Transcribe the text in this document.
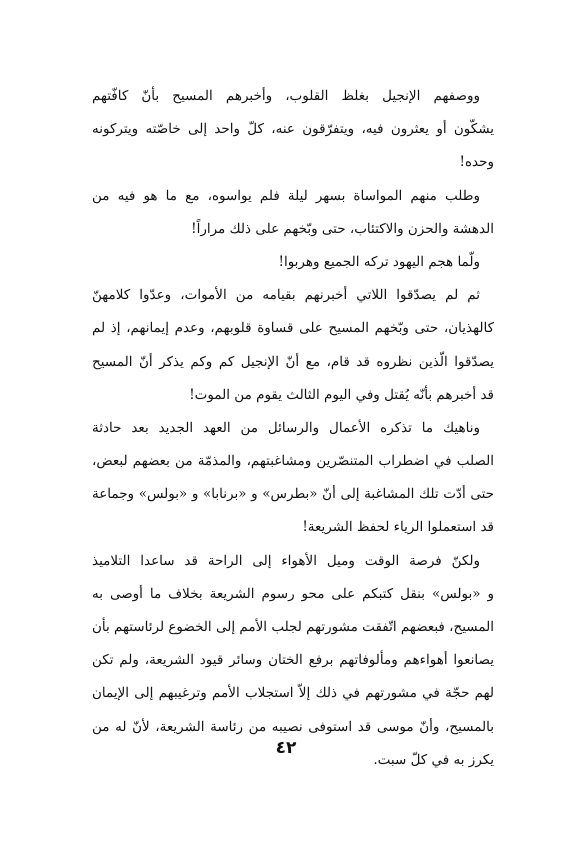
ووصفهم الإنجيل بغلظ القلوب، وأخبرهم المسيح بأنّ كافّتهم
يشكّون أو يعثرون فيه، ويتفرّقون عنه، كلّ واحد إلى خاصّته ويتركونه
وحده!
وطلب منهم المواساة بسهر ليلة فلم يواسوه، مع ما هو فيه من
الدهشة والحزن والاكتئاب، حتى وبّخهم على ذلك مراراً!
ولّما هجم اليهود تركه الجميع وهربوا!
ثم لم يصدّقوا اللاتي أخبرنهم بقيامه من الأموات، وعدّوا كلامهنّ
كالهذيان، حتى وبّخهم المسيح على قساوة قلوبهم، وعدم إيمانهم، إذ لم
يصدّقوا الّذين نظروه قد قام، مع أنّ الإنجيل كم وكم يذكر أنّ المسيح
قد أخبرهم بأنّه يُقتل وفي اليوم الثالث يقوم من الموت!
وناهيك ما تذكره الأعمال والرسائل من العهد الجديد بعد حادثة
الصلب في اضطراب المتنصّرين ومشاغبتهم، والمذمّة من بعضهم لبعض،
حتى أدّت تلك المشاغبة إلى أنّ «بطرس» و «برنابا» و «بولس» وجماعة
قد استعملوا الرياء لحفظ الشريعة!
ولكنّ فرصة الوقت وميل الأهواء إلى الراحة قد ساعدا التلاميذ
و «بولس» بنقل كتبكم على محو رسوم الشريعة بخلاف ما أوصى به
المسيح، فبعضهم اتّفقت مشورتهم لجلب الأمم إلى الخضوع لرئاستهم بأن
يصانعوا أهواءهم ومألوفاتهم برفع الختان وسائر قيود الشريعة، ولم تكن
لهم حجّة في مشورتهم في ذلك إلاّ استجلاب الأمم وترغيبهم إلى الإيمان
بالمسيح، وأنّ موسى قد استوفى نصيبه من رئاسة الشريعة، لأنّ له من
يكرز به في كلّ سبت.
٤٢
